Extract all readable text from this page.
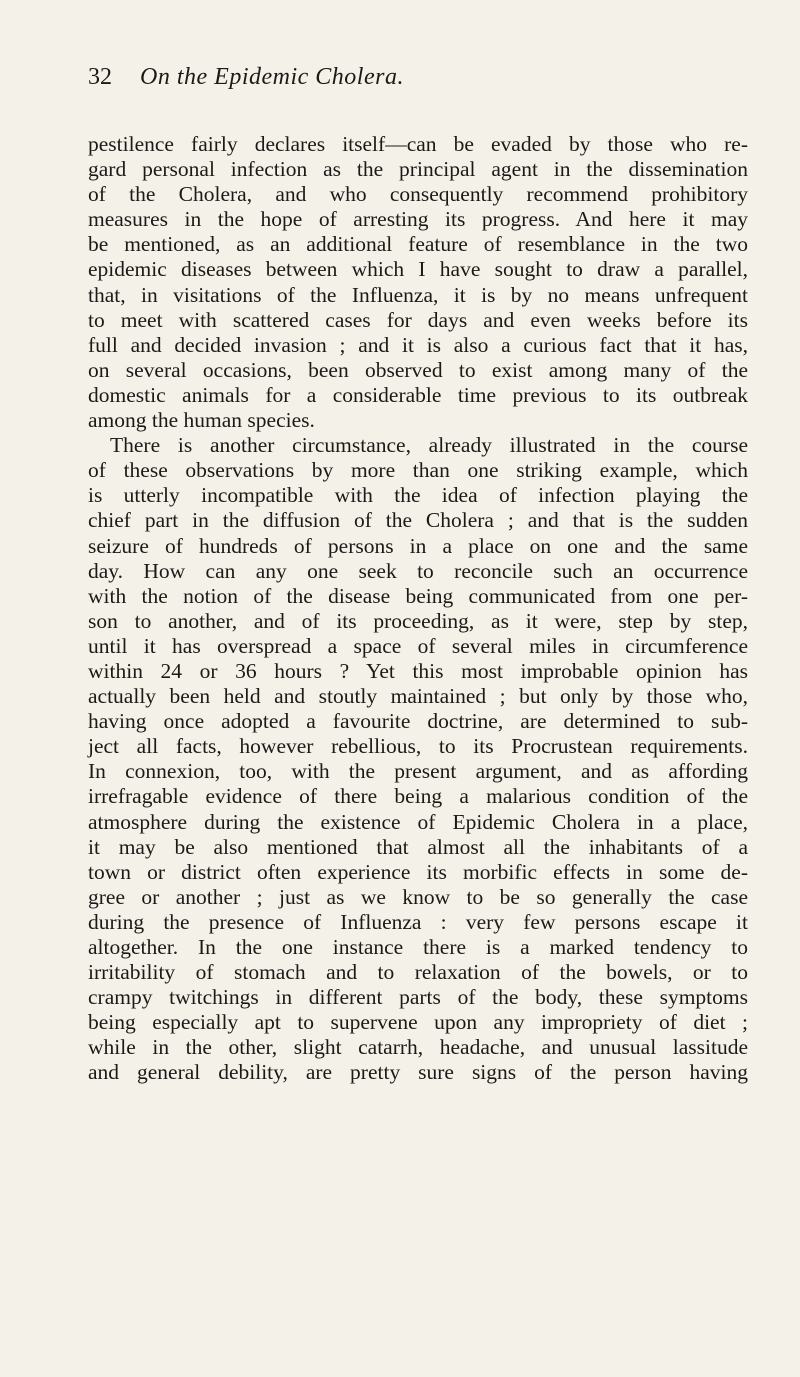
32 On the Epidemic Cholera.
pestilence fairly declares itself—can be evaded by those who re-
gard personal infection as the principal agent in the dissemination
of the Cholera, and who consequently recommend prohibitory
measures in the hope of arresting its progress. And here it may
be mentioned, as an additional feature of resemblance in the two
epidemic diseases between which I have sought to draw a parallel,
that, in visitations of the Influenza, it is by no means unfrequent
to meet with scattered cases for days and even weeks before its
full and decided invasion ; and it is also a curious fact that it has,
on several occasions, been observed to exist among many of the
domestic animals for a considerable time previous to its outbreak
among the human species.
There is another circumstance, already illustrated in the course
of these observations by more than one striking example, which
is utterly incompatible with the idea of infection playing the
chief part in the diffusion of the Cholera ; and that is the sudden
seizure of hundreds of persons in a place on one and the same
day. How can any one seek to reconcile such an occurrence
with the notion of the disease being communicated from one per-
son to another, and of its proceeding, as it were, step by step,
until it has overspread a space of several miles in circumference
within 24 or 36 hours ? Yet this most improbable opinion has
actually been held and stoutly maintained ; but only by those who,
having once adopted a favourite doctrine, are determined to sub-
ject all facts, however rebellious, to its Procrustean requirements.
In connexion, too, with the present argument, and as affording
irrefragable evidence of there being a malarious condition of the
atmosphere during the existence of Epidemic Cholera in a place,
it may be also mentioned that almost all the inhabitants of a
town or district often experience its morbific effects in some de-
gree or another ; just as we know to be so generally the case
during the presence of Influenza : very few persons escape it
altogether. In the one instance there is a marked tendency to
irritability of stomach and to relaxation of the bowels, or to
crampy twitchings in different parts of the body, these symptoms
being especially apt to supervene upon any impropriety of diet ;
while in the other, slight catarrh, headache, and unusual lassitude
and general debility, are pretty sure signs of the person having
